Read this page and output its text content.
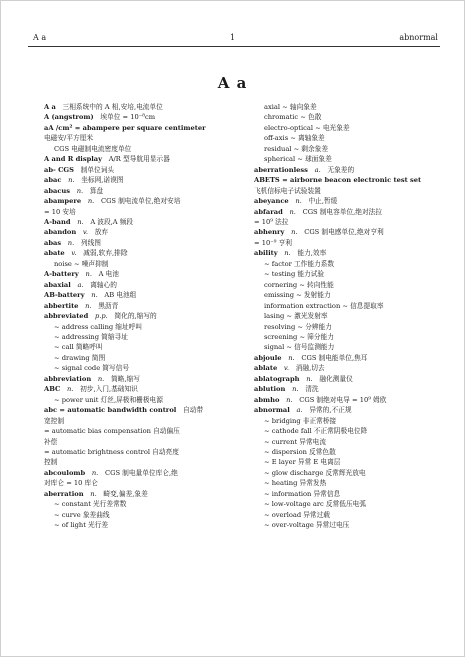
A a	1	abnormal
A a
A a  三相系统中的 A 相,安培,电流单位
A (angstrom)  埃单位 = 10⁻⁸cm
aA /cm² = abampere per square centimeter
电磁安/平方厘米
CGS 电磁制电流密度单位
A and R display  A/R 型导航用显示器
ab- CGS  制单位词头
abac  n.  坐标网,诺谟图
abacus  n.  算盘
abampere  n.  CGS 制电流单位,绝对安培
= 10 安培
A-band  n.  A 波段,A 频段
abandon  v.  放弃
abas  n.  列线图
abate  v.  减弱,软弃,排除
noise ~ 噪声抑制
A-battery  n.  A 电池
abaxial  a.  离轴心的
AB-battery  n.  AB 电池组
abbertite  n.  黑沥青
abbreviated  p.p.  简化的,缩写的
~ address calling 缩址呼叫
~ addressing 简缩寻址
~ call 简略呼叫
~ drawing 简图
~ signal code 简写信号
abbreviation  n.  简略,缩写
ABC  n.  初步,入门,基础知识
~ power unit 灯丝,屏极和栅极电源
abc = automatic bandwidth control  自动带
宽控制
= automatic bias compensation 自动偏压
补偿
= automatic brightness control 自动亮度
控制
abcoulomb  n.  CGS 制电量单位库仑,绝
对库仑 = 10 库仑
aberration  n.  畸变,偏差,象差
~ constant 光行差常数
~ curve 象差曲线
~ of light 光行差
axial ~ 轴向象差
chromatic ~ 色散
electro-optical ~ 电光象差
off-axis ~ 离轴象差
residual ~ 剩余象差
spherical ~ 球面象差
aberrationless  a.  无象差的
ABETS = airborne beacon electronic test set
飞机信标电子试验装置
abeyance  n.  中止,暂缓
abfarad  n.  CGS 制电容单位,绝对法拉
= 10⁹ 法拉
abhenry  n.  CGS 制电感单位,绝对亨利
= 10⁻⁹ 亨利
ability  n.  能力,效率
~ factor 工作能力系数
~ testing 能力试验
cornering ~ 转向性能
emissing ~ 发射能力
information extraction ~ 信息提取率
lasing ~ 激光发射率
resolving ~ 分辨能力
screening ~ 筛分能力
signal ~ 信号监测能力
abjoule  n.  CGS 制电能单位,焦耳
ablate  v.  消融,切去
ablatograph  n.  融化测量仪
ablution  n.  清洗
abmho  n.  CGS 制绝对电导 = 10⁹ 姆欧
abnormal  a.  异常的,不正规
~ bridging 非正常桥接
~ cathode fall 不正常阴极电位降
~ current 异常电流
~ dispersion 反常色散
~ E layer 异常 E 电离层
~ glow discharge 反常辉光放电
~ heating 异常发热
~ information 异常信息
~ low-voltage arc 反常低压电弧
~ overload 异常过载
~ over-voltage 异常过电压
